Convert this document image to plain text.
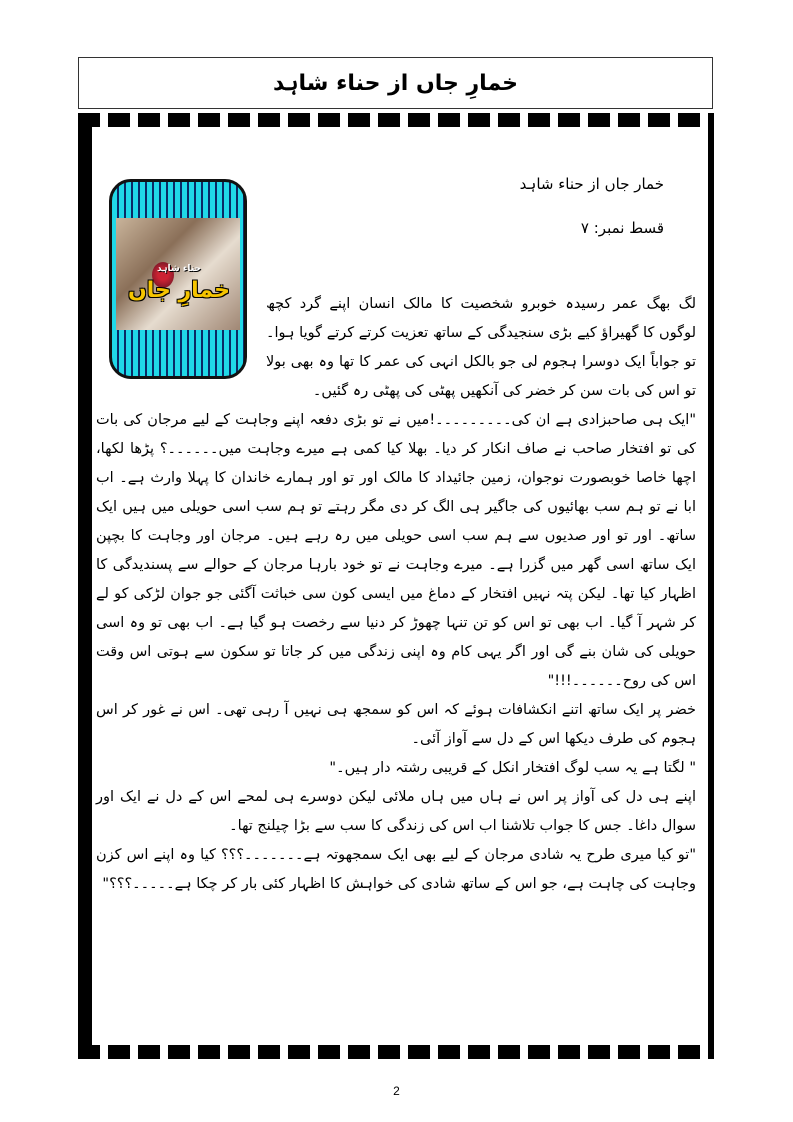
خمارِ جاں از حناء شاہد
حناء شاہد
خمارِ جاں
خمار جاں از حناء شاہد
قسط نمبر: ۷

لگ بھگ عمر رسیدہ خوبرو شخصیت کا مالک انسان اپنے گرد کچھ لوگوں کا گھیراؤ کیے بڑی سنجیدگی کے ساتھ تعزیت کرتے کرتے گویا ہوا۔ تو جواباً ایک دوسرا ہجوم لی جو بالکل انہی کی عمر کا تھا وہ بھی بولا تو اس کی بات سن کر خضر کی آنکھیں پھٹی کی پھٹی رہ گئیں۔

"ایک ہی صاحبزادی ہے ان کی۔۔۔۔۔۔۔۔۔!میں نے تو بڑی دفعہ اپنے وجاہت کے لیے مرجان کی بات کی تو افتخار صاحب نے صاف انکار کر دیا۔ بھلا کیا کمی ہے میرے وجاہت میں۔۔۔۔۔۔؟ پڑھا لکھا، اچھا خاصا خوبصورت نوجوان، زمین جائیداد کا مالک اور تو اور ہمارے خاندان کا پہلا وارث ہے۔ اب ابا نے تو ہم سب بھائیوں کی جاگیر ہی الگ کر دی مگر رہتے تو ہم سب اسی حویلی میں ہیں ایک ساتھ۔ اور تو اور صدیوں سے ہم سب اسی حویلی میں رہ رہے ہیں۔ مرجان اور وجاہت کا بچپن ایک ساتھ اسی گھر میں گزرا ہے۔ میرے وجاہت نے تو خود بارہا مرجان کے حوالے سے پسندیدگی کا اظہار کیا تھا۔ لیکن پتہ نہیں افتخار کے دماغ میں ایسی کون سی خباثت آگئی جو جوان لڑکی کو لے کر شہر آ گیا۔ اب بھی تو اس کو تن تنہا چھوڑ کر دنیا سے رخصت ہو گیا ہے۔ اب بھی تو وہ اسی حویلی کی شان بنے گی اور اگر یہی کام وہ اپنی زندگی میں کر جاتا تو سکون سے ہوتی اس وقت اس کی روح۔۔۔۔۔۔!!!"

خضر پر ایک ساتھ اتنے انکشافات ہوئے کہ اس کو سمجھ ہی نہیں آ رہی تھی۔ اس نے غور کر اس ہجوم کی طرف دیکھا اس کے دل سے آواز آئی۔

" لگتا ہے یہ سب لوگ افتخار انکل کے قریبی رشتہ دار ہیں۔"

اپنے ہی دل کی آواز پر اس نے ہاں میں ہاں ملائی لیکن دوسرے ہی لمحے اس کے دل نے ایک اور سوال داغا۔ جس کا جواب تلاشنا اب اس کی زندگی کا سب سے بڑا چیلنج تھا۔

"تو کیا میری طرح یہ شادی مرجان کے لیے بھی ایک سمجھوتہ ہے۔۔۔۔۔۔۔؟؟؟ کیا وہ اپنے اس کزن وجاہت کی چاہت ہے، جو اس کے ساتھ شادی کی خواہش کا اظہار کئی بار کر چکا ہے۔۔۔۔۔؟؟؟"

2
